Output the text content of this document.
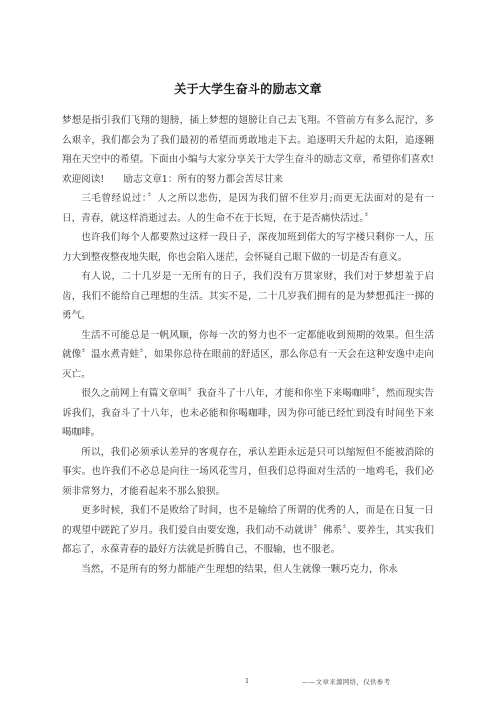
关于大学生奋斗的励志文章

梦想是指引我们飞翔的翅膀，插上梦想的翅膀让自己去飞翔。不管前方有多么泥泞，多么艰辛，我们都会为了我们最初的希望而勇敢地走下去。追逐明天升起的太阳，追逐翱翔在天空中的希望。下面由小编与大家分享关于大学生奋斗的励志文章，希望你们喜欢!欢迎阅读!　　励志文章1：所有的努力都会苦尽甘来

三毛曾经说过：〞人之所以悲伤，是因为我们留不住岁月;而更无法面对的是有一日，青春，就这样消逝过去。人的生命不在于长短，在于是否痛快活过。〞

也许我们每个人都要熬过这样一段日子，深夜加班到偌大的写字楼只剩你一人，压力大到整夜整夜地失眠，你也会陷入迷茫，会怀疑自己眼下做的一切是否有意义。

有人说，二十几岁是一无所有的日子，我们没有万贯家财，我们对于梦想羞于启齿，我们不能给自己理想的生活。其实不是，二十几岁我们拥有的是为梦想孤注一掷的勇气。

生活不可能总是一帆风顺，你每一次的努力也不一定都能收到预期的效果。但生活就像〞温水煮青蛙〞，如果你总待在眼前的舒适区，那么你总有一天会在这种安逸中走向灭亡。

很久之前网上有篇文章叫〞我奋斗了十八年，才能和你坐下来喝咖啡〞，然而现实告诉我们，我奋斗了十八年，也未必能和你喝咖啡，因为你可能已经忙到没有时间坐下来喝咖啡。

所以，我们必须承认差异的客观存在，承认差距永远是只可以缩短但不能被消除的事实。也许我们不必总是向往一场风花雪月，但我们总得面对生活的一地鸡毛，我们必须非常努力，才能看起来不那么狼狈。

更多时候，我们不是败给了时间，也不是输给了所谓的优秀的人，而是在日复一日的观望中蹉跎了岁月。我们爱自由要安逸，我们动不动就讲〞佛系〞、要养生，其实我们都忘了，永葆青春的最好方法就是折腾自己，不服输，也不服老。

当然，不是所有的努力都能产生理想的结果，但人生就像一颗巧克力，你永

1	——文章来源网络，仅供参考
